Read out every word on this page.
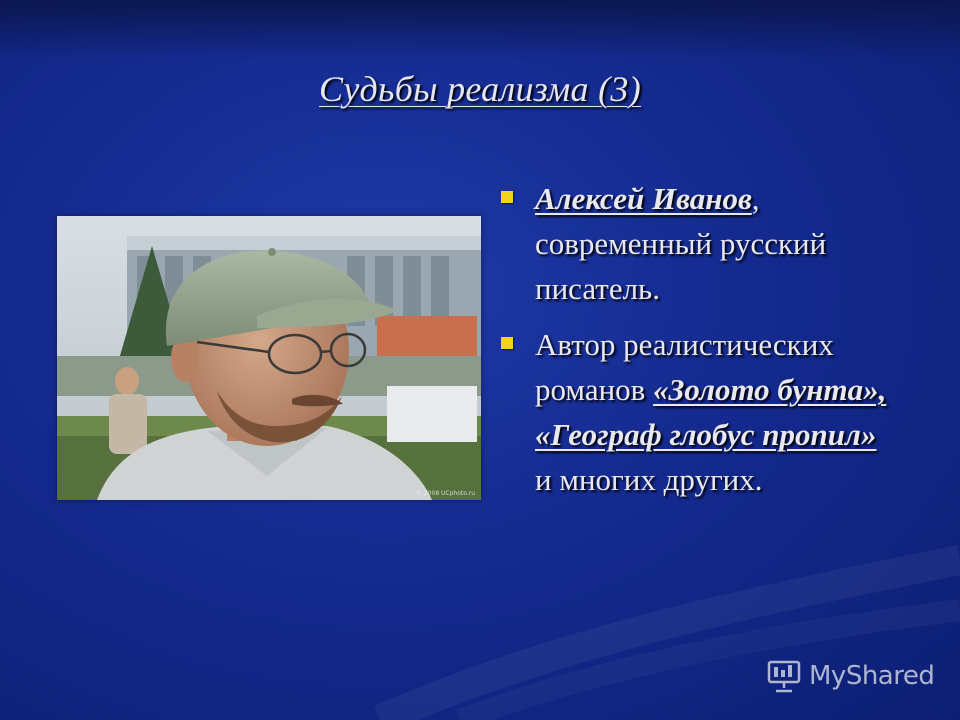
Судьбы реализма (3)
© 2008 UCphoto.ru
Алексей Иванов, современный русский писатель.
Автор реалистических романов «Золото бунта», «Географ глобус пропил» и многих других.
MyShared
